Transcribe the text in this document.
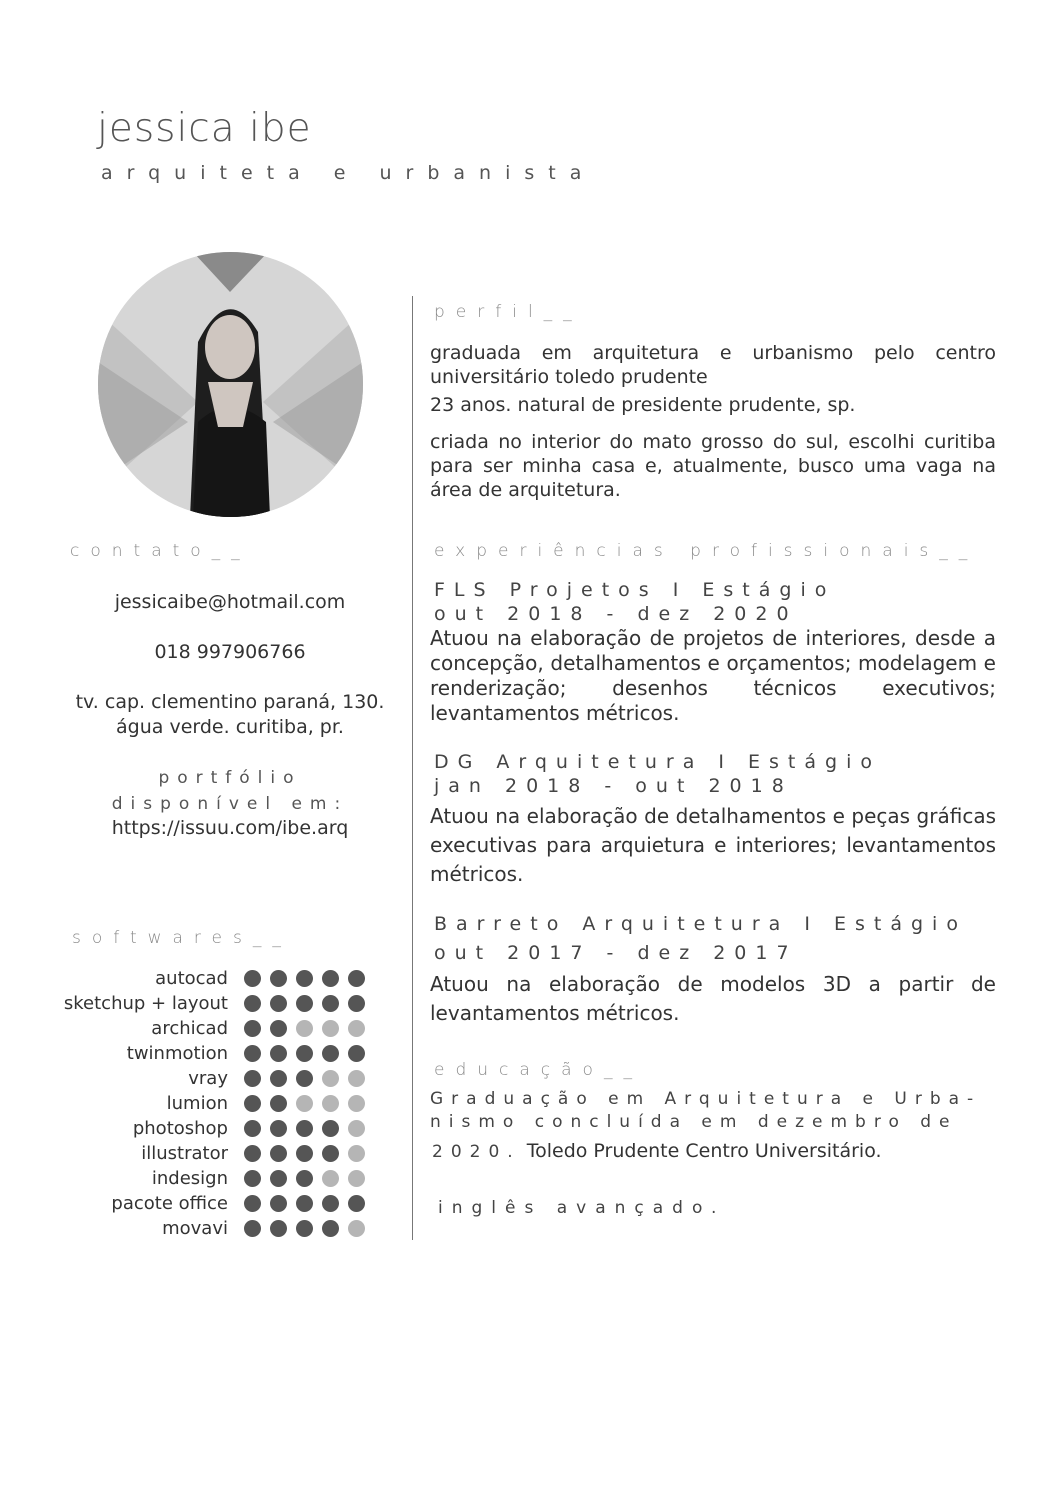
jessica ibe
arquiteta e urbanista
contato__
jessicaibe@hotmail.com
018 997906766
tv. cap. clementino paraná, 130.
água verde. curitiba, pr.
portfólio
disponível em:
https://issuu.com/ibe.arq
softwares__
autocad
sketchup + layout
archicad
twinmotion
vray
lumion
photoshop
illustrator
indesign
pacote office
movavi
perfil__
graduada em arquitetura e urbanismo pelo centro universitário toledo prudente
23 anos. natural de presidente prudente, sp.
criada no interior do mato grosso do sul, escolhi curitiba para ser minha casa e, atualmente, busco uma vaga na área de arquitetura.
experiências profissionais__
FLS Projetos I Estágio
out 2018 - dez 2020
Atuou na elaboração de projetos de interiores, desde a concepção, detalhamentos e orçamentos; modelagem e renderização; desenhos técnicos executivos; levantamentos métricos.
DG Arquitetura I Estágio
jan 2018 - out 2018
Atuou na elaboração de detalhamentos e peças gráficas executivas para arquietura e interiores; levantamentos métricos.
Barreto Arquitetura I Estágio
out 2017 - dez 2017
Atuou na elaboração de modelos 3D a partir de levantamentos métricos.
educação__
Graduação em Arquitetura e Urba-
nismo concluída em dezembro de
2020. Toledo Prudente Centro Universitário.
inglês avançado.
